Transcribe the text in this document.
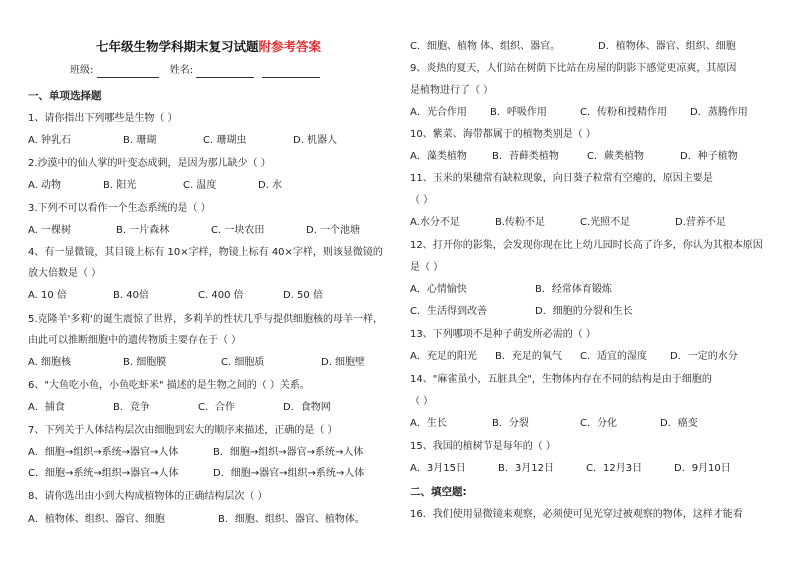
七年级生物学科期末复习试题附参考答案
班级:	姓名:
一、单项选择题
1、请你指出下列哪些是生物（ ）
A. 钟乳石	B. 珊瑚	C. 珊瑚虫	D. 机器人
2.沙漠中的仙人掌的叶变态成刺，是因为那儿缺少（ ）
A. 动物	B. 阳光	C. 温度	D. 水
3.下列不可以看作一个生态系统的是（ ）
A. 一棵树	B. 一片森林	C. 一块农田	D. 一个池塘
4、有一显微镜，其目镜上标有 10×字样，物镜上标有 40×字样，则该显微镜的
放大倍数是（ ）
A. 10 倍	B. 40倍	C. 400 倍	D. 50 倍
5.克隆羊'多莉'的诞生震惊了世界，多莉羊的性状几乎与提供细胞核的母羊一样，
由此可以推断细胞中的遗传物质主要存在于（ ）
A. 细胞核	B. 细胞膜	C. 细胞质	D. 细胞壁
6、"大鱼吃小鱼，小鱼吃虾米" 描述的是生物之间的（ ）关系。
A．捕食	B．竞争	C．合作	D．食物网
7、下列关于人体结构层次由细胞到宏大的顺序来描述，正确的是（ ）
A．细胞→组织→系统→器官→人体	B．细胞→组织→器官→系统→人体
C．细胞→系统→组织→器官→人体	D．细胞→器官→组织→系统→人体
8、请你选出由小到大构成植物体的正确结构层次（ ）
A．植物体、组织、器官、细胞	B．细胞、组织、器官、植物体。
C．细胞、植物 体、组织、器官。	D．植物体、器官、组织、细胞
9、炎热的夏天，人们站在树荫下比站在房屋的阴影下感觉更凉爽，其原因
是植物进行了（ ）
A．光合作用	B．呼吸作用	C．传粉和授精作用	D．蒸腾作用
10、紫菜、海带都属于的植物类别是（ ）
A．藻类植物	B．苔藓类植物	C．蕨类植物	D．种子植物
11、玉米的果穗常有缺粒现象，向日葵子粒常有空瘪的，原因主要是
（ ）
A.水分不足	B.传粉不足	C.光照不足	D.营养不足
12、打开你的影集，会发现你现在比上幼儿园时长高了许多，你认为其根本原因
是（ ）
A．心情愉快	B．经常体育锻炼
C．生活得到改善	D．细胞的分裂和生长
13、下列哪项不是种子萌发所必需的（ ）
A．充足的阳光	B．充足的氧气	C．适宜的湿度	D．一定的水分
14、"麻雀虽小，五脏具全"，生物体内存在不同的结构是由于细胞的
（ ）
A．生长	B．分裂	C．分化	D．癌变
15、我国的植树节是每年的（ ）
A．3月15日	B．3月12日	C．12月3日	D．9月10日
二、填空题:
16．我们使用显微镜来观察，必须使可见光穿过被观察的物体，这样才能看
